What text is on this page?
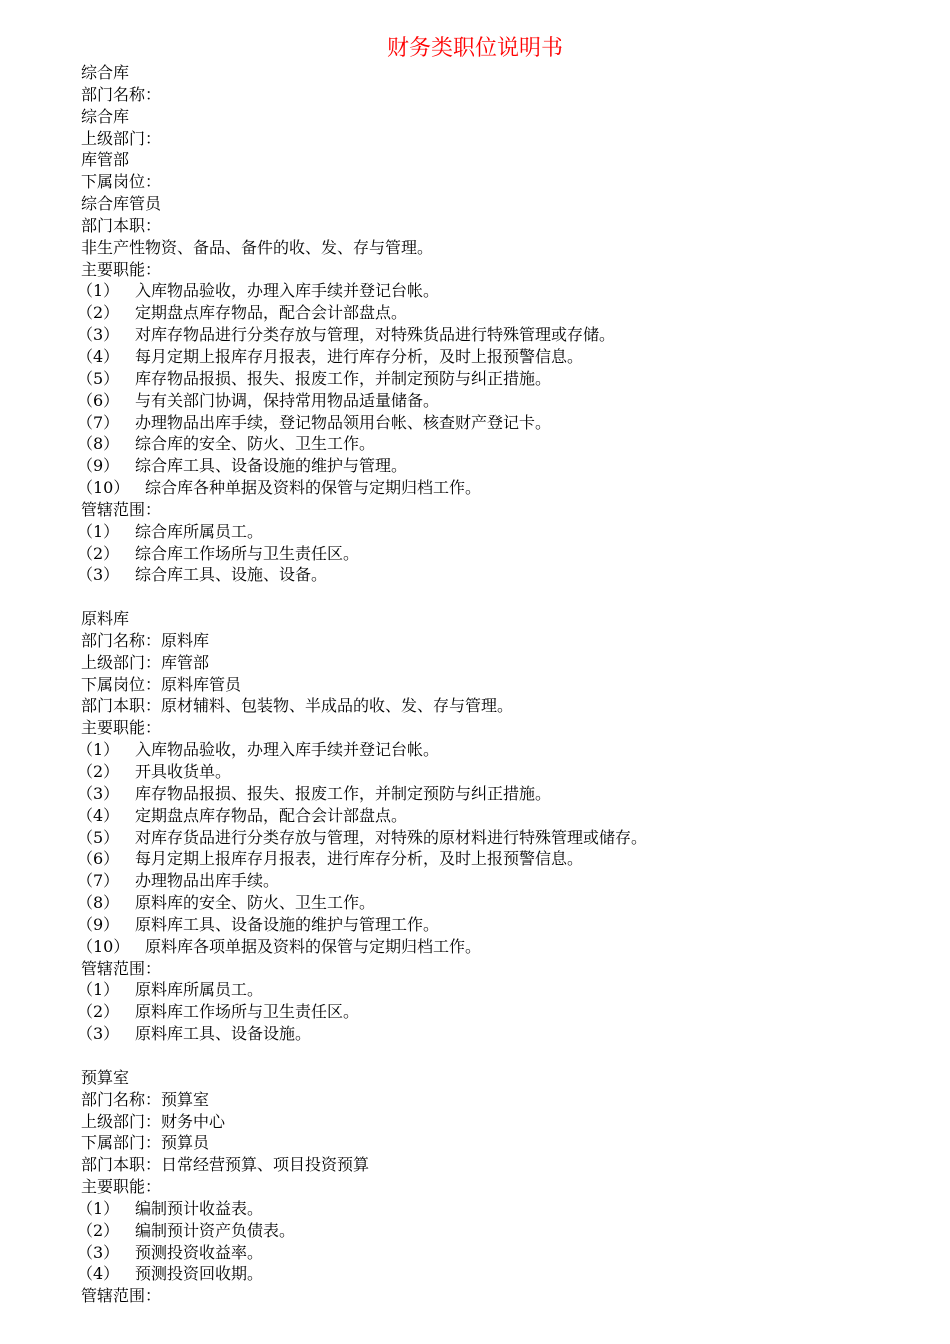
财务类职位说明书
综合库
部门名称：
综合库
上级部门：
库管部
下属岗位：
综合库管员
部门本职：
非生产性物资、备品、备件的收、发、存与管理。
主要职能：
（1） 入库物品验收，办理入库手续并登记台帐。
（2） 定期盘点库存物品，配合会计部盘点。
（3） 对库存物品进行分类存放与管理，对特殊货品进行特殊管理或存储。
（4） 每月定期上报库存月报表，进行库存分析，及时上报预警信息。
（5） 库存物品报损、报失、报废工作，并制定预防与纠正措施。
（6） 与有关部门协调，保持常用物品适量储备。
（7） 办理物品出库手续，登记物品领用台帐、核查财产登记卡。
（8） 综合库的安全、防火、卫生工作。
（9） 综合库工具、设备设施的维护与管理。
（10） 综合库各种单据及资料的保管与定期归档工作。
管辖范围：
（1） 综合库所属员工。
（2） 综合库工作场所与卫生责任区。
（3） 综合库工具、设施、设备。
原料库
部门名称：原料库
上级部门：库管部
下属岗位：原料库管员
部门本职：原材辅料、包装物、半成品的收、发、存与管理。
主要职能：
（1） 入库物品验收，办理入库手续并登记台帐。
（2） 开具收货单。
（3） 库存物品报损、报失、报废工作，并制定预防与纠正措施。
（4） 定期盘点库存物品，配合会计部盘点。
（5） 对库存货品进行分类存放与管理，对特殊的原材料进行特殊管理或储存。
（6） 每月定期上报库存月报表，进行库存分析，及时上报预警信息。
（7） 办理物品出库手续。
（8） 原料库的安全、防火、卫生工作。
（9） 原料库工具、设备设施的维护与管理工作。
（10） 原料库各项单据及资料的保管与定期归档工作。
管辖范围：
（1） 原料库所属员工。
（2） 原料库工作场所与卫生责任区。
（3） 原料库工具、设备设施。
预算室
部门名称：预算室
上级部门：财务中心
下属部门：预算员
部门本职：日常经营预算、项目投资预算
主要职能：
（1） 编制预计收益表。
（2） 编制预计资产负债表。
（3） 预测投资收益率。
（4） 预测投资回收期。
管辖范围：
